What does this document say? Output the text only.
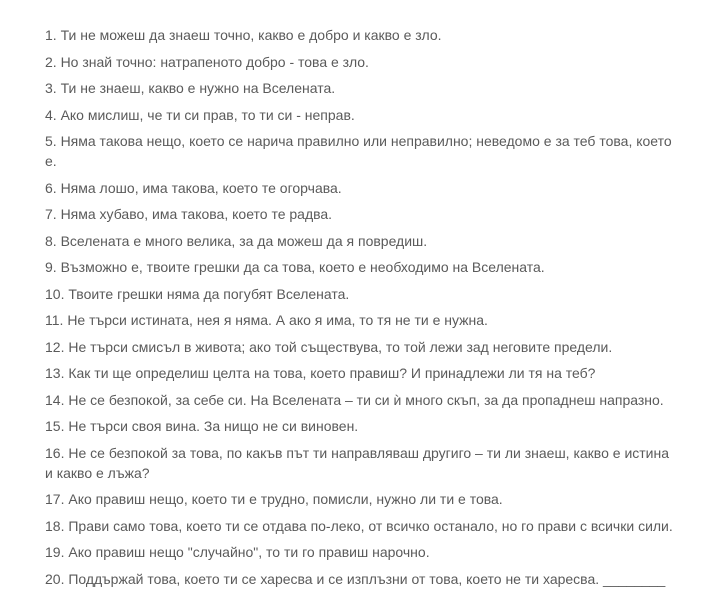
1. Ти не можеш да знаеш точно, какво е добро и какво е зло.

2. Но знай точно: натрапеното добро - това е зло.

3. Ти не знаеш, какво е нужно на Вселената.

4. Ако мислиш, че ти си прав, то ти си - неправ.

5. Няма такова нещо, което се нарича правилно или неправилно; неведомо е за теб това, което е.

6. Няма лошо, има такова, което те огорчава.

7. Няма хубаво, има такова, което те радва.

8. Вселената е много велика, за да можеш да я повредиш.

9. Възможно е, твоите грешки да са това, което е необходимо на Вселената.

10. Твоите грешки няма да погубят Вселената.

11. Не търси истината, нея я няма. А ако я има, то тя не ти е нужна.

12. Не търси смисъл в живота; ако той съществува, то той лежи зад неговите предели.

13. Как ти ще определиш целта на това, което правиш? И принадлежи ли тя на теб?

14. Не се безпокой, за себе си. На Вселената – ти си ѝ много скъп, за да пропаднеш напразно.

15. Не търси своя вина. За нищо не си виновен.

16. Не се безпокой за това, по какъв път ти направляваш другиго – ти ли знаеш, какво е истина и какво е лъжа?

17. Ако правиш нещо, което ти е трудно, помисли, нужно ли ти е това.

18. Прави само това, което ти се отдава по-леко, от всичко останало, но го прави с всички сили.

19. Ако правиш нещо "случайно", то ти го правиш нарочно.

20. Поддържай това, което ти се харесва и се изплъзни от това, което не ти харесва. ________
